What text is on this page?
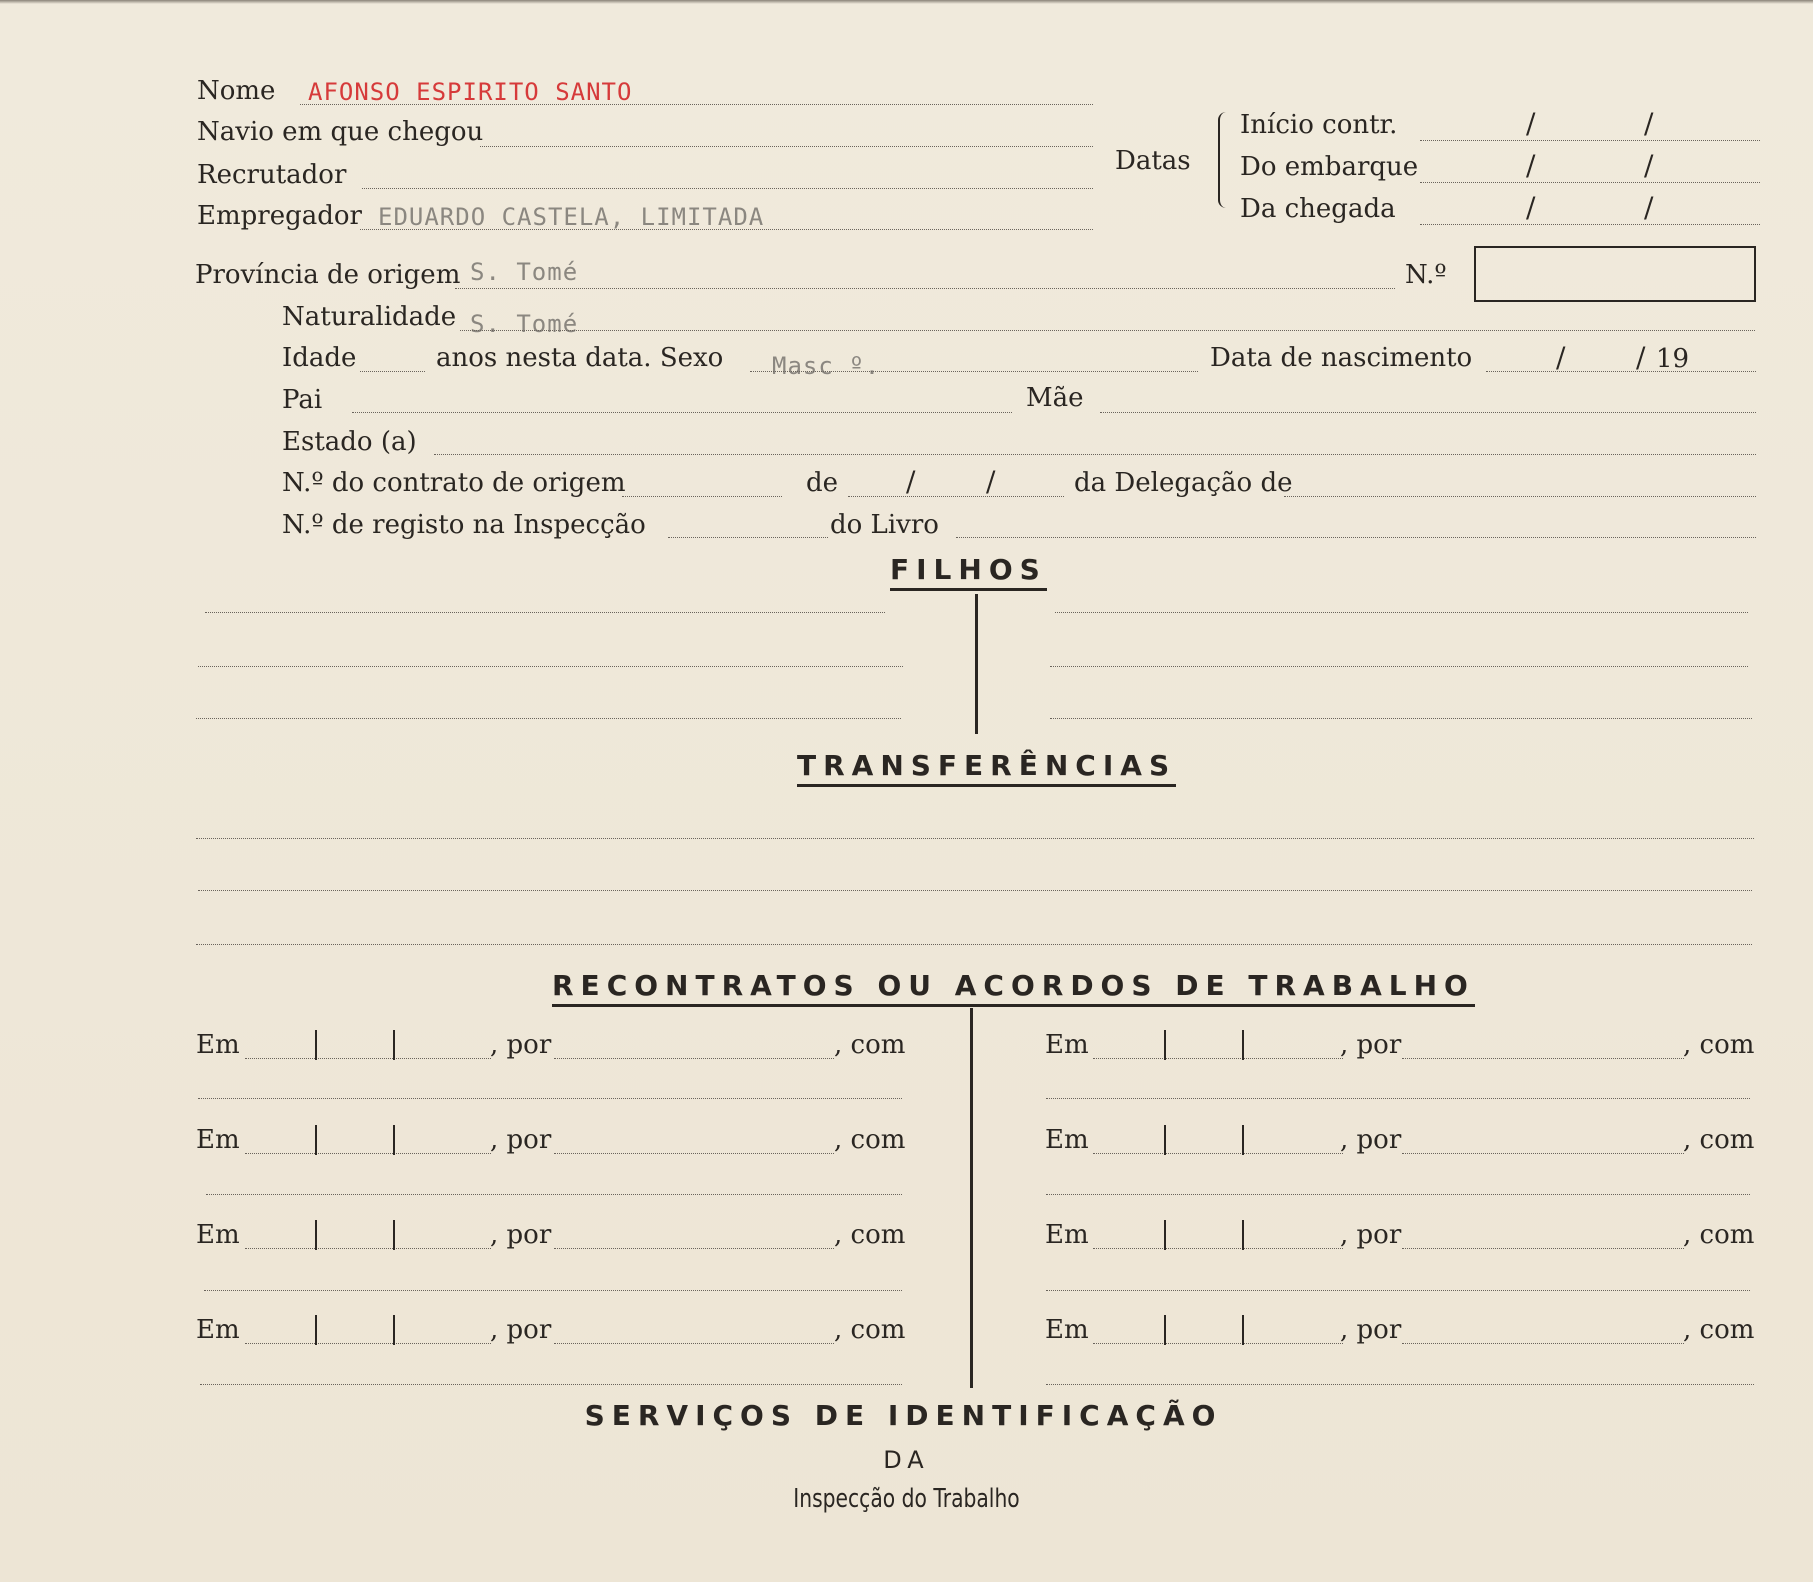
Nome AFONSO ESPIRITO SANTO
Navio em que chegou
Recrutador
Empregador EDUARDO CASTELA, LIMITADA
Datas
Início contr.	/	/
Do embarque	/	/
Da chegada	/	/
Província de origem S. Tomé	N.º
Naturalidade S. Tomé
Idade	anos nesta data. Sexo Masc º.	Data de nascimento	/	/ 19
Pai	Mãe
Estado (a)
N.º do contrato de origem	de /	/	da Delegação de
N.º de registo na Inspecção	do Livro
FILHOS
TRANSFERÊNCIAS
RECONTRATOS OU ACORDOS DE TRABALHO
Em	, por	, com
Em	, por	, com
Em	, por	, com
Em	, por	, com
Em	, por	, com
Em	, por	, com
Em	, por	, com
Em	, por	, com
SERVIÇOS DE IDENTIFICAÇÃO
DA
Inspecção do Trabalho
